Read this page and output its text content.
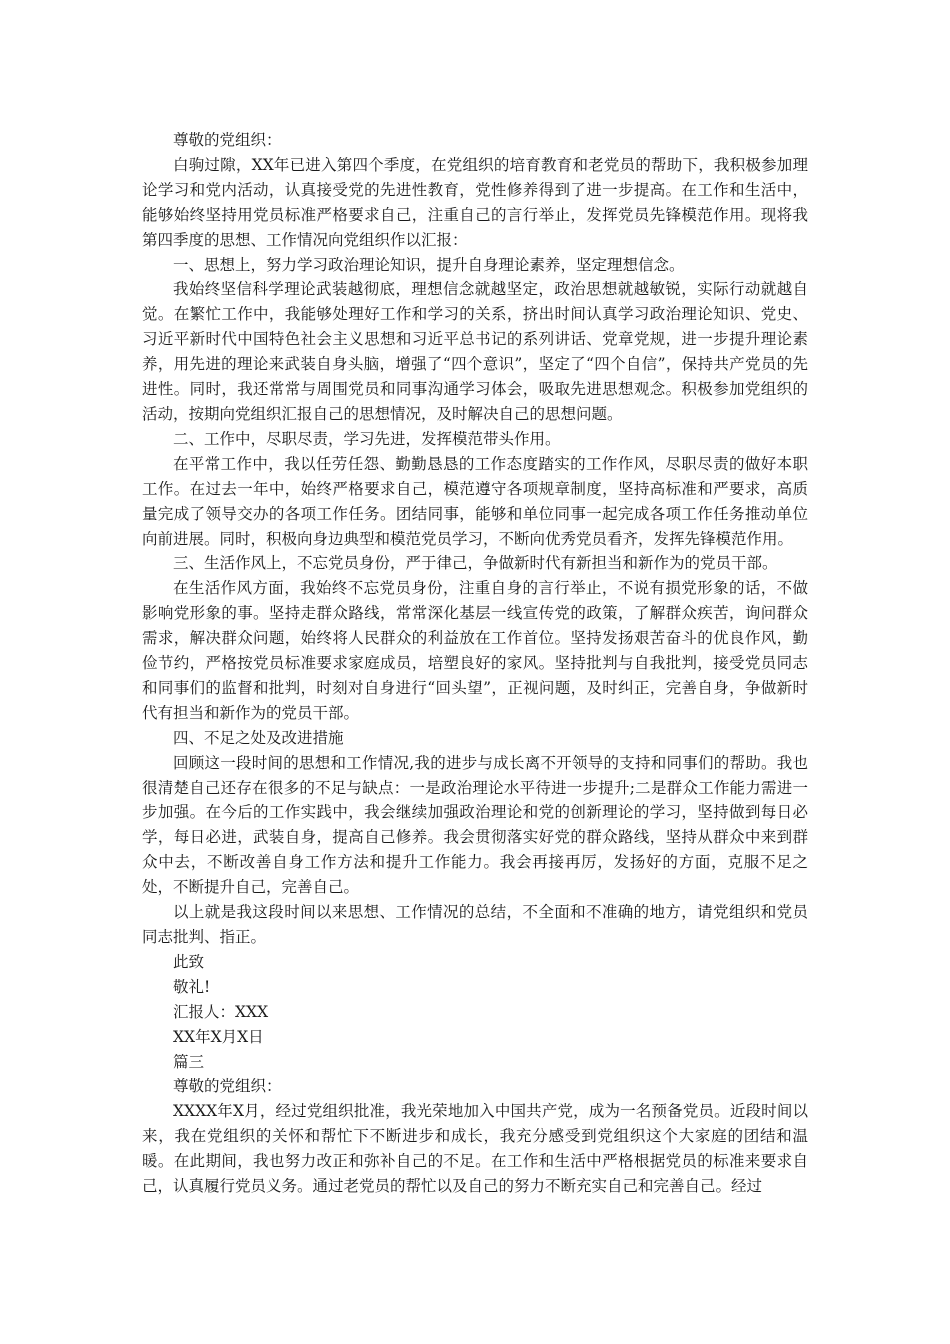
尊敬的党组织：

白驹过隙，XX年已进入第四个季度，在党组织的培育教育和老党员的帮助下，我积极参加理论学习和党内活动，认真接受党的先进性教育，党性修养得到了进一步提高。在工作和生活中，能够始终坚持用党员标准严格要求自己，注重自己的言行举止，发挥党员先锋模范作用。现将我第四季度的思想、工作情况向党组织作以汇报：

一、思想上，努力学习政治理论知识，提升自身理论素养，坚定理想信念。

我始终坚信科学理论武装越彻底，理想信念就越坚定，政治思想就越敏锐，实际行动就越自觉。在繁忙工作中，我能够处理好工作和学习的关系，挤出时间认真学习政治理论知识、党史、习近平新时代中国特色社会主义思想和习近平总书记的系列讲话、党章党规，进一步提升理论素养，用先进的理论来武装自身头脑，增强了“四个意识”，坚定了“四个自信”，保持共产党员的先进性。同时，我还常常与周围党员和同事沟通学习体会，吸取先进思想观念。积极参加党组织的活动，按期向党组织汇报自己的思想情况，及时解决自己的思想问题。

二、工作中，尽职尽责，学习先进，发挥模范带头作用。

在平常工作中，我以任劳任怨、勤勤恳恳的工作态度踏实的工作作风，尽职尽责的做好本职工作。在过去一年中，始终严格要求自己，模范遵守各项规章制度，坚持高标准和严要求，高质量完成了领导交办的各项工作任务。团结同事，能够和单位同事一起完成各项工作任务推动单位向前进展。同时，积极向身边典型和模范党员学习，不断向优秀党员看齐，发挥先锋模范作用。

三、生活作风上，不忘党员身份，严于律己，争做新时代有新担当和新作为的党员干部。

在生活作风方面，我始终不忘党员身份，注重自身的言行举止，不说有损党形象的话，不做影响党形象的事。坚持走群众路线，常常深化基层一线宣传党的政策，了解群众疾苦，询问群众需求，解决群众问题，始终将人民群众的利益放在工作首位。坚持发扬艰苦奋斗的优良作风，勤俭节约，严格按党员标准要求家庭成员，培塑良好的家风。坚持批判与自我批判，接受党员同志和同事们的监督和批判，时刻对自身进行“回头望”，正视问题，及时纠正，完善自身，争做新时代有担当和新作为的党员干部。

四、不足之处及改进措施

回顾这一段时间的思想和工作情况,我的进步与成长离不开领导的支持和同事们的帮助。我也很清楚自己还存在很多的不足与缺点：一是政治理论水平待进一步提升;二是群众工作能力需进一步加强。在今后的工作实践中，我会继续加强政治理论和党的创新理论的学习，坚持做到每日必学，每日必进，武装自身，提高自己修养。我会贯彻落实好党的群众路线，坚持从群众中来到群众中去，不断改善自身工作方法和提升工作能力。我会再接再厉，发扬好的方面，克服不足之处，不断提升自己，完善自己。

以上就是我这段时间以来思想、工作情况的总结，不全面和不准确的地方，请党组织和党员同志批判、指正。

此致

敬礼!

汇报人：XXX

XX年X月X日

篇三

尊敬的党组织：

XXXX年X月，经过党组织批准，我光荣地加入中国共产党，成为一名预备党员。近段时间以来，我在党组织的关怀和帮忙下不断进步和成长，我充分感受到党组织这个大家庭的团结和温暖。在此期间，我也努力改正和弥补自己的不足。在工作和生活中严格根据党员的标准来要求自己，认真履行党员义务。通过老党员的帮忙以及自己的努力不断充实自己和完善自己。经过
